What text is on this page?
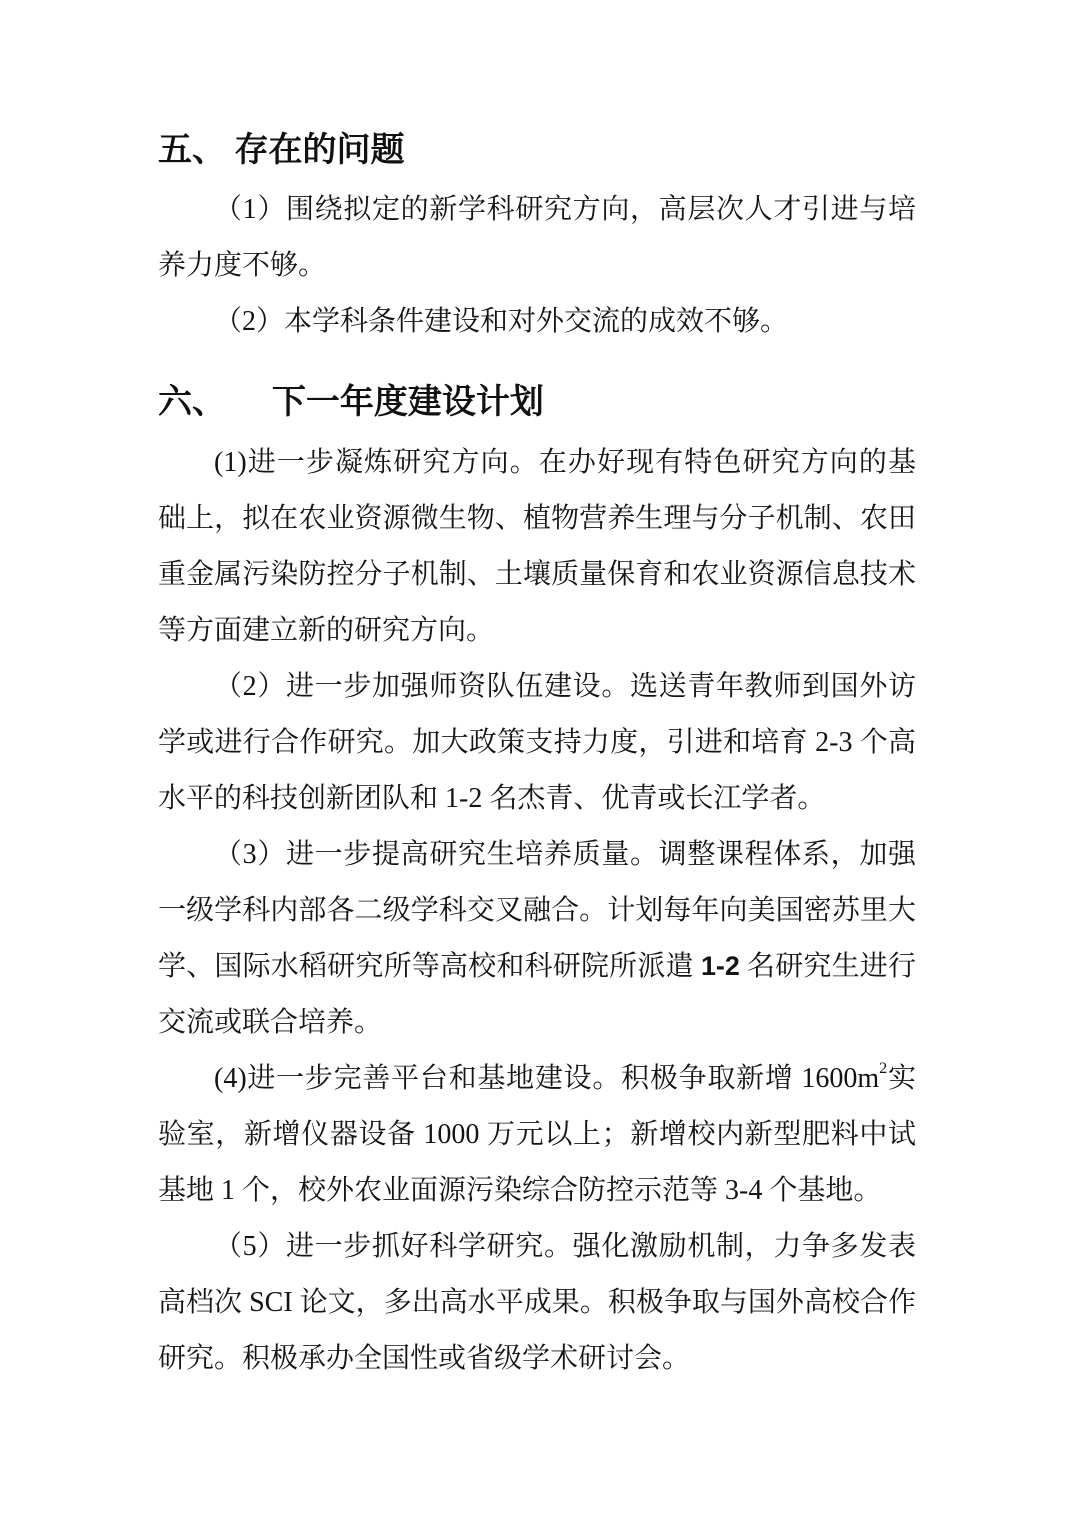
五、 存在的问题

（1）围绕拟定的新学科研究方向，高层次人才引进与培养力度不够。

（2）本学科条件建设和对外交流的成效不够。

六、 下一年度建设计划

(1)进一步凝炼研究方向。在办好现有特色研究方向的基础上，拟在农业资源微生物、植物营养生理与分子机制、农田重金属污染防控分子机制、土壤质量保育和农业资源信息技术等方面建立新的研究方向。

（2）进一步加强师资队伍建设。选送青年教师到国外访学或进行合作研究。加大政策支持力度，引进和培育 2-3 个高水平的科技创新团队和 1-2 名杰青、优青或长江学者。

（3）进一步提高研究生培养质量。调整课程体系，加强一级学科内部各二级学科交叉融合。计划每年向美国密苏里大学、国际水稻研究所等高校和科研院所派遣 1-2 名研究生进行交流或联合培养。

(4)进一步完善平台和基地建设。积极争取新增 1600m2实验室，新增仪器设备 1000 万元以上；新增校内新型肥料中试基地 1 个，校外农业面源污染综合防控示范等 3-4 个基地。

（5）进一步抓好科学研究。强化激励机制，力争多发表高档次 SCI 论文，多出高水平成果。积极争取与国外高校合作研究。积极承办全国性或省级学术研讨会。
